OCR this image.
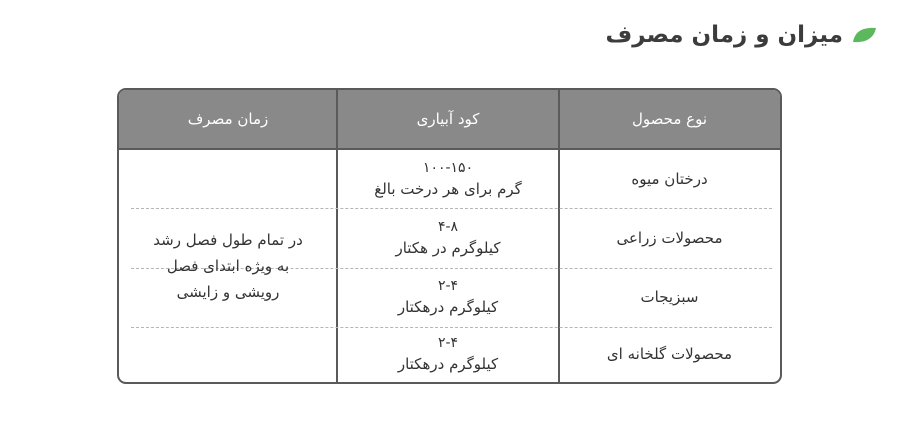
میزان و زمان مصرف
نوع محصول
کود آبیاری
زمان مصرف
درختان میوه
۱۰۰-۱۵۰
گرم برای هر درخت بالغ
محصولات زراعی
۴-۸
کیلوگرم در هکتار
سبزیجات
۲-۴
کیلوگرم درهکتار
محصولات گلخانه ای
۲-۴
کیلوگرم درهکتار
در تمام طول فصل رشد
به ویژه ابتدای فصل
رویشی و زایشی
